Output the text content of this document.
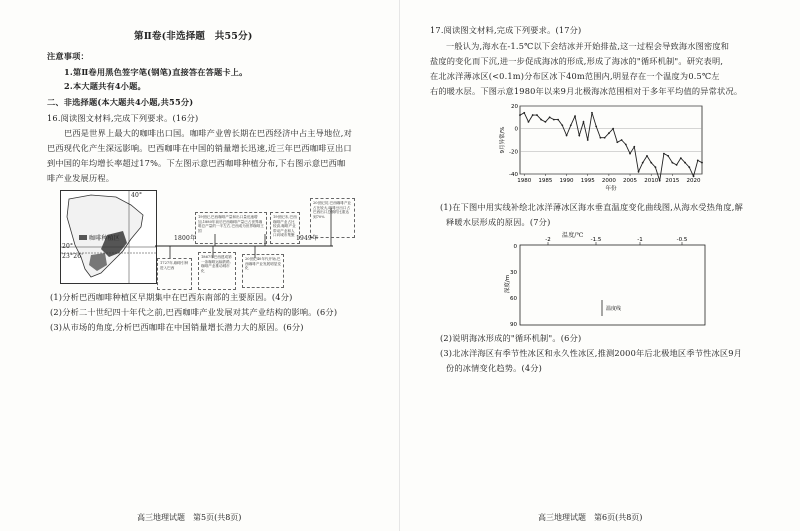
第Ⅱ卷(非选择题　共55分)
注意事项：
1.第Ⅱ卷用黑色签字笔(钢笔)直接答在答题卡上。
2.本大题共有4小题。
二、非选择题(本大题共4小题,共55分)
16.阅读图文材料,完成下列要求。(16分)
巴西是世界上最大的咖啡出口国。咖啡产业曾长期在巴西经济中占主导地位,对
巴西现代化产生深远影响。巴西咖啡在中国的销量增长迅速,近三年巴西咖啡豆出口
到中国的年均增长率超过17%。下左图示意巴西咖啡种植分布,下右图示意巴西咖
啡产业发展历程。
40°
咖啡种植区
20°
23°26'
19世纪,巴西咖啡产量和出口量迅速增加,1880年前后巴西咖啡产量已占世界咖啡总产量的一半左右,巴西成为世界咖啡王国
19世纪末,巴西咖啡产业占比较高,咖啡产业带动产业和人口向城市集聚
20世纪初,巴西咖啡产业占比较大,咖啡豆出口占巴西出口总额的比重达到70%
1800年	1949年
1727年,咖啡引种进入巴西
1867年巴西建成第一条咖啡运输铁路,咖啡产业推动城市化
20世纪40年代开始,巴西咖啡产业发展明显变化
(1)分析巴西咖啡种植区早期集中在巴西东南部的主要原因。(4分)
(2)分析二十世纪四十年代之前,巴西咖啡产业发展对其产业结构的影响。(6分)
(3)从市场的角度,分析巴西咖啡在中国销量增长潜力大的原因。(6分)
高三地理试题　第5页(共8页)
17.阅读图文材料,完成下列要求。(17分)
一般认为,海水在-1.5℃以下会结冰并开始排盐,这一过程会导致海水图密度和
盐度的变化而下沉,进一步促成海冰的形成,形成了海冰的"循环机制"。研究表明,
在北冰洋薄冰区(<0.1m)分布区冰下40m范围内,明显存在一个温度为0.5℃左
右的暖水层。下图示意1980年以来9月北极海冰范围相对于多年平均值的异常状况。
20
0
-20
-40
1980 1985 1990 1995 2000 2005 2010 2015 2020
9月异常/%
年份
(1)在下图中用实线补绘北冰洋薄冰区海水垂直温度变化曲线图,从海水受热角度,解
释暖水层形成的原因。(7分)
温度/℃
-2	-1.5	-1	-0.5
0
30
60
90
深度/m
温度线
(2)说明海冰形成的"循环机制"。(6分)
(3)北冰洋海区有季节性冰区和永久性冰区,推测2000年后北极地区季节性冰区9月
份的冰情变化趋势。(4分)
高三地理试题　第6页(共8页)
